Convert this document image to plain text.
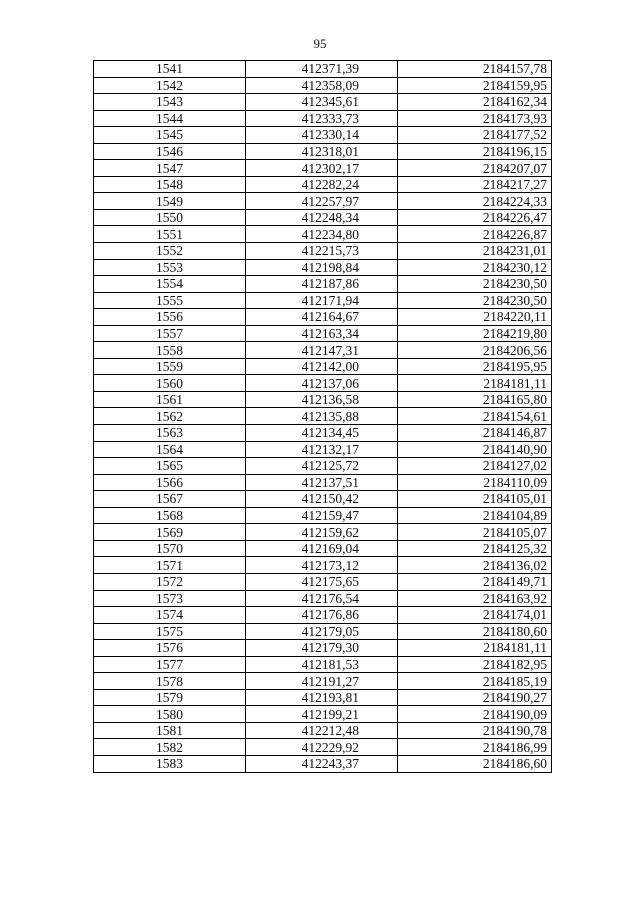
95
1541	412371,39	2184157,78
1542	412358,09	2184159,95
1543	412345,61	2184162,34
1544	412333,73	2184173,93
1545	412330,14	2184177,52
1546	412318,01	2184196,15
1547	412302,17	2184207,07
1548	412282,24	2184217,27
1549	412257,97	2184224,33
1550	412248,34	2184226,47
1551	412234,80	2184226,87
1552	412215,73	2184231,01
1553	412198,84	2184230,12
1554	412187,86	2184230,50
1555	412171,94	2184230,50
1556	412164,67	2184220,11
1557	412163,34	2184219,80
1558	412147,31	2184206,56
1559	412142,00	2184195,95
1560	412137,06	2184181,11
1561	412136,58	2184165,80
1562	412135,88	2184154,61
1563	412134,45	2184146,87
1564	412132,17	2184140,90
1565	412125,72	2184127,02
1566	412137,51	2184110,09
1567	412150,42	2184105,01
1568	412159,47	2184104,89
1569	412159,62	2184105,07
1570	412169,04	2184125,32
1571	412173,12	2184136,02
1572	412175,65	2184149,71
1573	412176,54	2184163,92
1574	412176,86	2184174,01
1575	412179,05	2184180,60
1576	412179,30	2184181,11
1577	412181,53	2184182,95
1578	412191,27	2184185,19
1579	412193,81	2184190,27
1580	412199,21	2184190,09
1581	412212,48	2184190,78
1582	412229,92	2184186,99
1583	412243,37	2184186,60
